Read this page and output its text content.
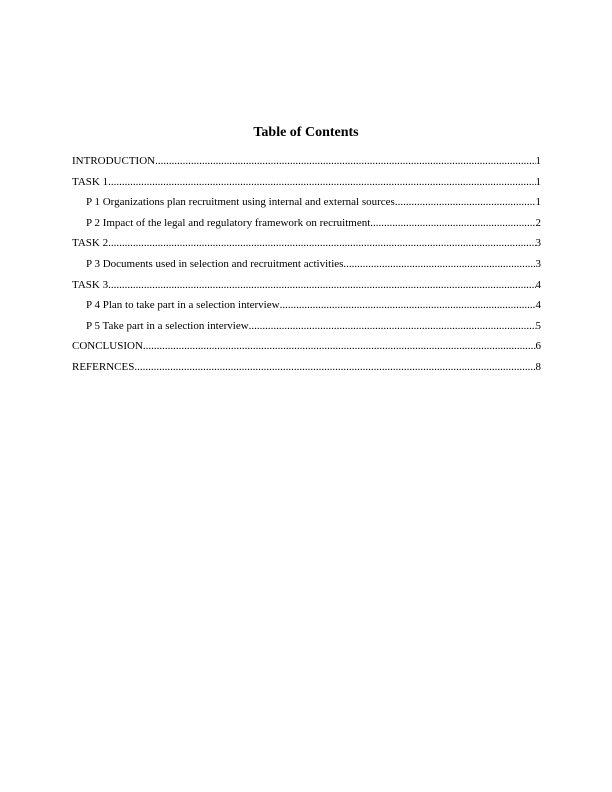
Table of Contents
INTRODUCTION .....	1
TASK 1 .....	1
P 1 Organizations plan recruitment using internal and external sources .....	1
P 2 Impact of the legal and regulatory framework on recruitment .....	2
TASK 2 .....	3
P 3 Documents used in selection and recruitment activities .....	3
TASK 3 .....	4
P 4 Plan to take part in a selection interview .....	4
P 5 Take part in a selection interview .....	5
CONCLUSION .....	6
REFERNCES .....	8
